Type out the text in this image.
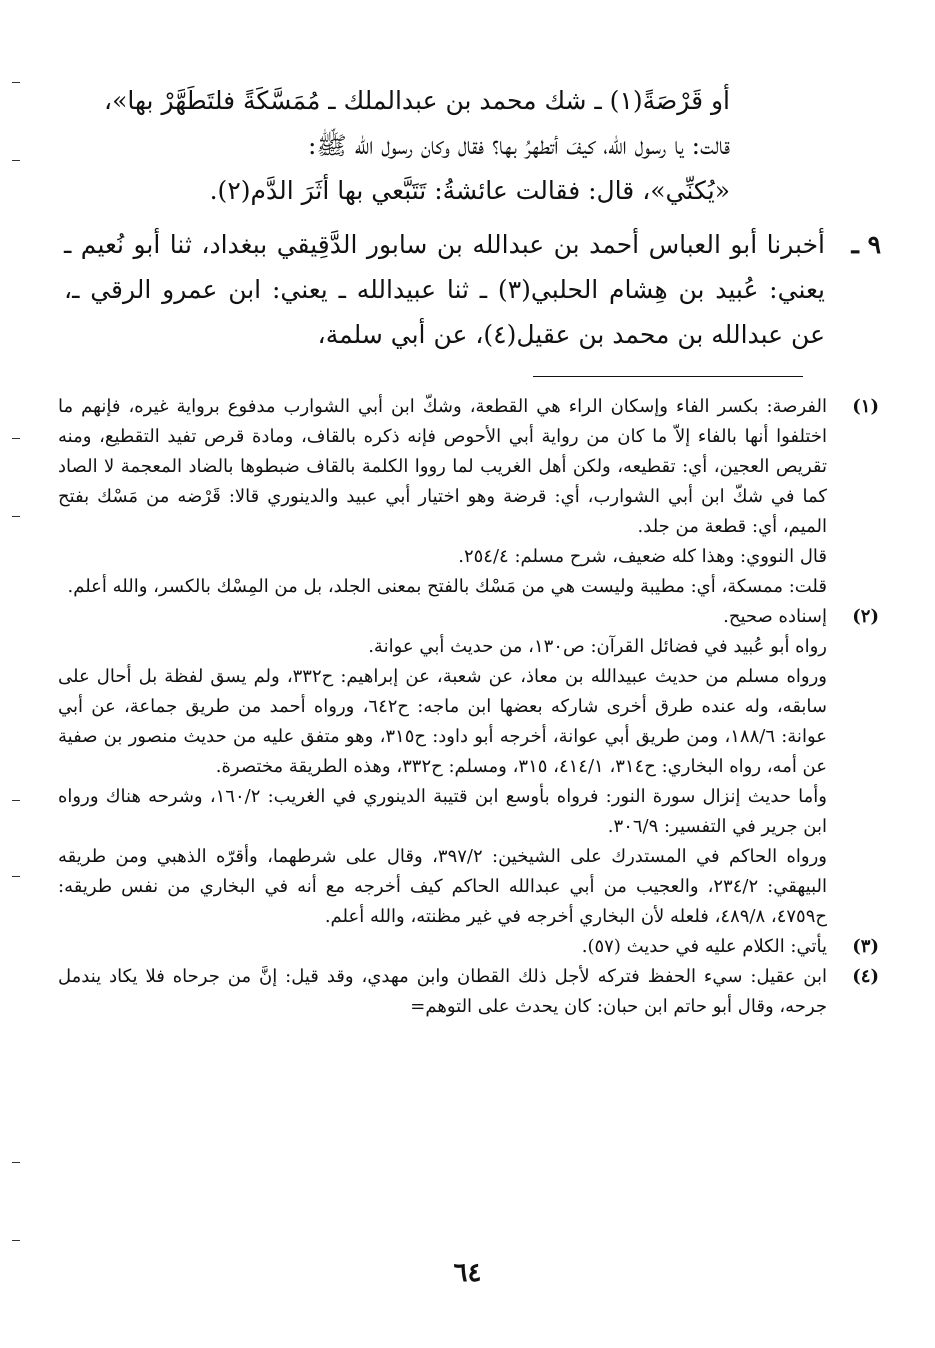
أو قَرْصَةً(١) ـ شك محمد بن عبدالملك ـ مُمَسَّكَةً فلتَطَهَّرْ بها»،

قالت: يا رسول الله، كيفَ أتطهرُ بها؟ فقال وكان رسول الله ﷺ:

«يُكنِّي»، قال: فقالت عائشةُ: تَتَبَّعي بها أثَرَ الدَّم(٢).

٩ ـ

أخبرنا أبو العباس أحمد بن عبدالله بن سابور الدَّقِيقي ببغداد، ثنا أبو نُعيم ـ يعني: عُبيد بن هِشام الحلبي(٣) ـ ثنا عبيدالله ـ يعني: ابن عمرو الرقي ـ، عن عبدالله بن محمد بن عقيل(٤)، عن أبي سلمة،

(١)

الفرصة: بكسر الفاء وإسكان الراء هي القطعة، وشكّ ابن أبي الشوارب مدفوع برواية غيره، فإنهم ما اختلفوا أنها بالفاء إلاّ ما كان من رواية أبي الأحوص فإنه ذكره بالقاف، ومادة قرص تفيد التقطيع، ومنه تقريص العجين، أي: تقطيعه، ولكن أهل الغريب لما رووا الكلمة بالقاف ضبطوها بالضاد المعجمة لا الصاد كما في شكّ ابن أبي الشوارب، أي: قرضة وهو اختيار أبي عبيد والدينوري قالا: قَرْضه من مَسْك بفتح الميم، أي: قطعة من جلد.

قال النووي: وهذا كله ضعيف، شرح مسلم: ٢٥٤/٤.

قلت: ممسكة، أي: مطيبة وليست هي من مَسْك بالفتح بمعنى الجلد، بل من المِسْك بالكسر، والله أعلم.

(٢)

إسناده صحيح.

رواه أبو عُبيد في فضائل القرآن: ص١٣٠، من حديث أبي عوانة.

ورواه مسلم من حديث عبيدالله بن معاذ، عن شعبة، عن إبراهيم: ح٣٣٢، ولم يسق لفظة بل أحال على سابقه، وله عنده طرق أخرى شاركه بعضها ابن ماجه: ح٦٤٢، ورواه أحمد من طريق جماعة، عن أبي عوانة: ١٨٨/٦، ومن طريق أبي عوانة، أخرجه أبو داود: ح٣١٥، وهو متفق عليه من حديث منصور بن صفية عن أمه، رواه البخاري: ح٣١٤، ٤١٤/١، ٣١٥، ومسلم: ح٣٣٢، وهذه الطريقة مختصرة.

وأما حديث إنزال سورة النور: فرواه بأوسع ابن قتيبة الدينوري في الغريب: ١٦٠/٢، وشرحه هناك ورواه ابن جرير في التفسير: ٣٠٦/٩.

ورواه الحاكم في المستدرك على الشيخين: ٣٩٧/٢، وقال على شرطهما، وأقرّه الذهبي ومن طريقه البيهقي: ٢٣٤/٢، والعجيب من أبي عبدالله الحاكم كيف أخرجه مع أنه في البخاري من نفس طريقه: ح٤٧٥٩، ٤٨٩/٨، فلعله لأن البخاري أخرجه في غير مظنته، والله أعلم.

(٣)

يأتي: الكلام عليه في حديث (٥٧).

(٤)

ابن عقيل: سيء الحفظ فتركه لأجل ذلك القطان وابن مهدي، وقد قيل: إنَّ من جرحاه فلا يكاد يندمل جرحه، وقال أبو حاتم ابن حبان: كان يحدث على التوهم=

٦٤
